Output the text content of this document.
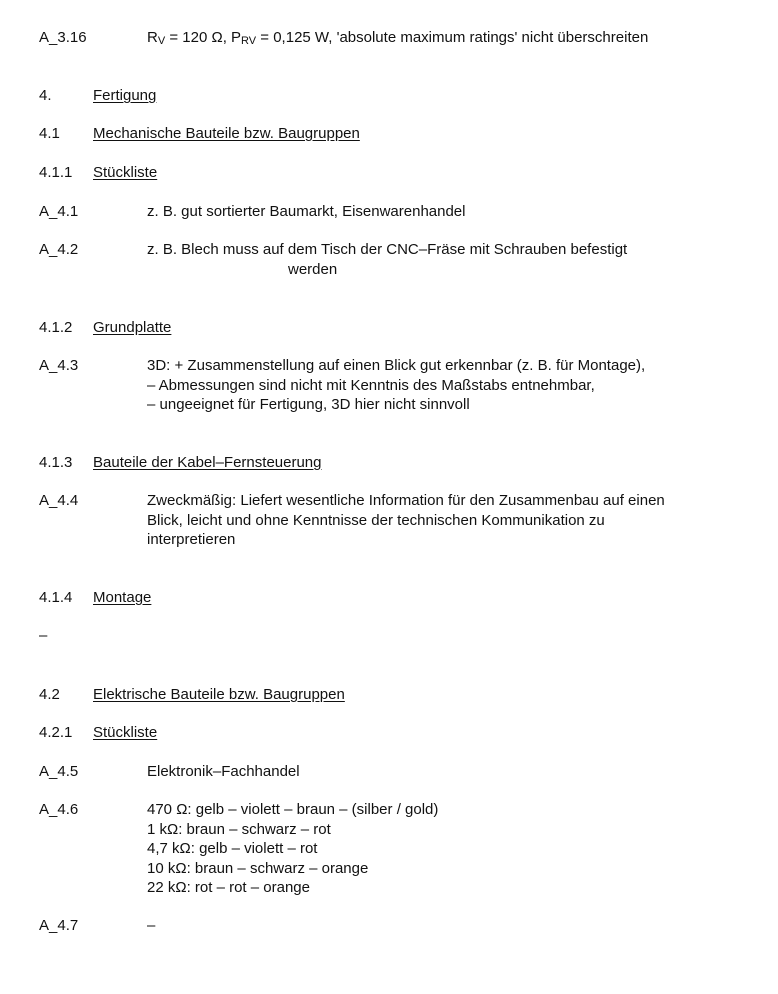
A_3.16	$R_V = 120$ Ω, $P_{RV} = 0,125$ W, 'absolute maximum ratings' nicht überschreiten
4.	Fertigung
4.1 Mechanische Bauteile bzw. Baugruppen
4.1.1 Stückliste
A_4.1	z. B. gut sortierter Baumarkt, Eisenwarenhandel
A_4.2	z. B. Blech muss auf dem Tisch der CNC–Fräse mit Schrauben befestigt
werden
4.1.2 Grundplatte
A_4.3	3D: + Zusammenstellung auf einen Blick gut erkennbar (z. B. für Montage),
– Abmessungen sind nicht mit Kenntnis des Maßstabs entnehmbar,
– ungeeignet für Fertigung, 3D hier nicht sinnvoll
4.1.3 Bauteile der Kabel–Fernsteuerung
A_4.4	Zweckmäßig: Liefert wesentliche Information für den Zusammenbau auf einen
Blick, leicht und ohne Kenntnisse der technischen Kommunikation zu
interpretieren
4.1.4 Montage
–
4.2 Elektrische Bauteile bzw. Baugruppen
4.2.1 Stückliste
A_4.5	Elektronik–Fachhandel
A_4.6	470 Ω: gelb – violett – braun – (silber / gold)
1 kΩ: braun – schwarz – rot
4,7 kΩ: gelb – violett – rot
10 kΩ: braun – schwarz – orange
22 kΩ: rot – rot – orange
A_4.7	–
